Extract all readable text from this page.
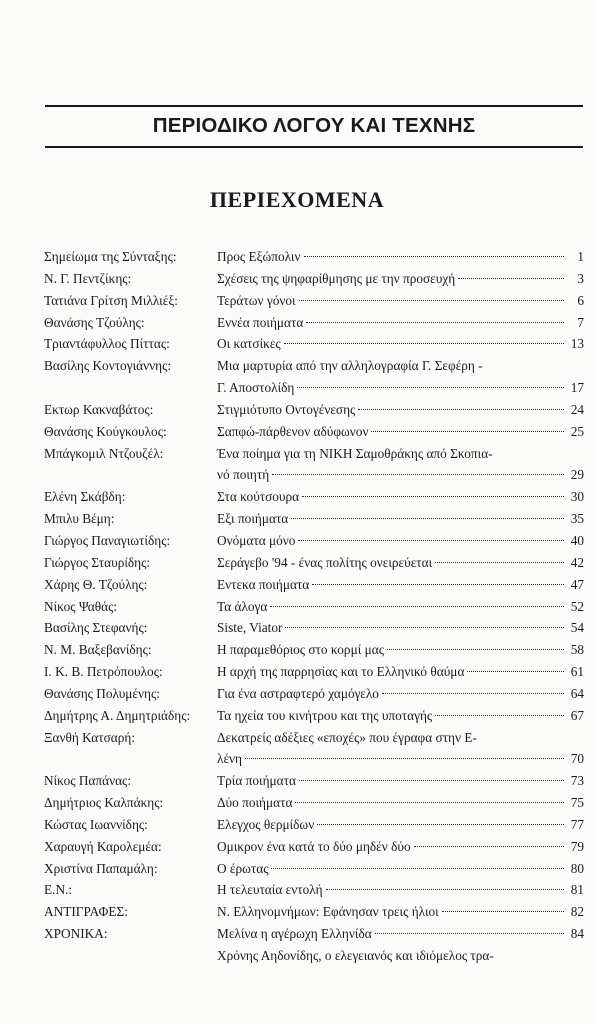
ΠΕΡΙΟΔΙΚΟ ΛΟΓΟΥ ΚΑΙ ΤΕΧΝΗΣ
ΠΕΡΙΕΧΟΜΕΝΑ
Σημείωμα της Σύνταξης:	Προς Εξώπολιν	1
Ν. Γ. Πεντζίκης:	Σχέσεις της ψηφαρίθμησης με την προσευχή	3
Τατιάνα Γρίτση Μιλλιέξ:	Τεράτων γόνοι	6
Θανάσης Τζούλης:	Εννέα ποιήματα	7
Τριαντάφυλλος Πίττας:	Οι κατσίκες	13
Βασίλης Κοντογιάννης:	Μια μαρτυρία από την αλληλογραφία Γ. Σεφέρη -
Γ. Αποστολίδη	17
Εκτωρ Κακναβάτος:	Στιγμιότυπο Οντογένεσης	24
Θανάσης Κούγκουλος:	Σαπφώ-πάρθενον αδύφωνον	25
Μπάγκομιλ Ντζουζέλ:	Ένα ποίημα για τη ΝΙΚΗ Σαμοθράκης από Σκοπια-
νό ποιητή	29
Ελένη Σκάβδη:	Στα κούτσουρα	30
Μπιλυ Βέμη:	Εξι ποιήματα	35
Γιώργος Παναγιωτίδης:	Ονόματα μόνο	40
Γιώργος Σταυρίδης:	Σεράγεβο '94 - ένας πολίτης ονειρεύεται	42
Χάρης Θ. Τζούλης:	Εντεκα ποιήματα	47
Νίκος Ψαθάς:	Τα άλογα	52
Βασίλης Στεφανής:	Siste, Viator	54
Ν. Μ. Βαξεβανίδης:	Η παραμεθόριος στο κορμί μας	58
Ι. Κ. Β. Πετρόπουλος:	Η αρχή της παρρησίας και το Ελληνικό θαύμα	61
Θανάσης Πολυμένης:	Για ένα αστραφτερό χαμόγελο	64
Δημήτρης Α. Δημητριάδης: Τα ηχεία του κινήτρου και της υποταγής	67
Ξανθή Κατσαρή:	Δεκατρείς αδέξιες «εποχές» που έγραφα στην Ε-
λένη	70
Νίκος Παπάνας:	Τρία ποιήματα	73
Δημήτριος Καλπάκης:	Δύο ποιήματα	75
Κώστας Ιωαννίδης:	Ελεγχος θερμίδων	77
Χαραυγή Καρολεμέα:	Ομικρον ένα κατά το δύο μηδέν δύο	79
Χριστίνα Παπαμάλη:	Ο έρωτας	80
Ε.Ν.:	Η τελευταία εντολή	81
ΑΝΤΙΓΡΑΦΕΣ:	Ν. Ελληνομνήμων: Εφάνησαν τρεις ήλιοι	82
ΧΡΟΝΙΚΑ:	Μελίνα η αγέρωχη Ελληνίδα	84
Χρόνης Αηδονίδης, ο ελεγειανός και ιδιόμελος τρα-
